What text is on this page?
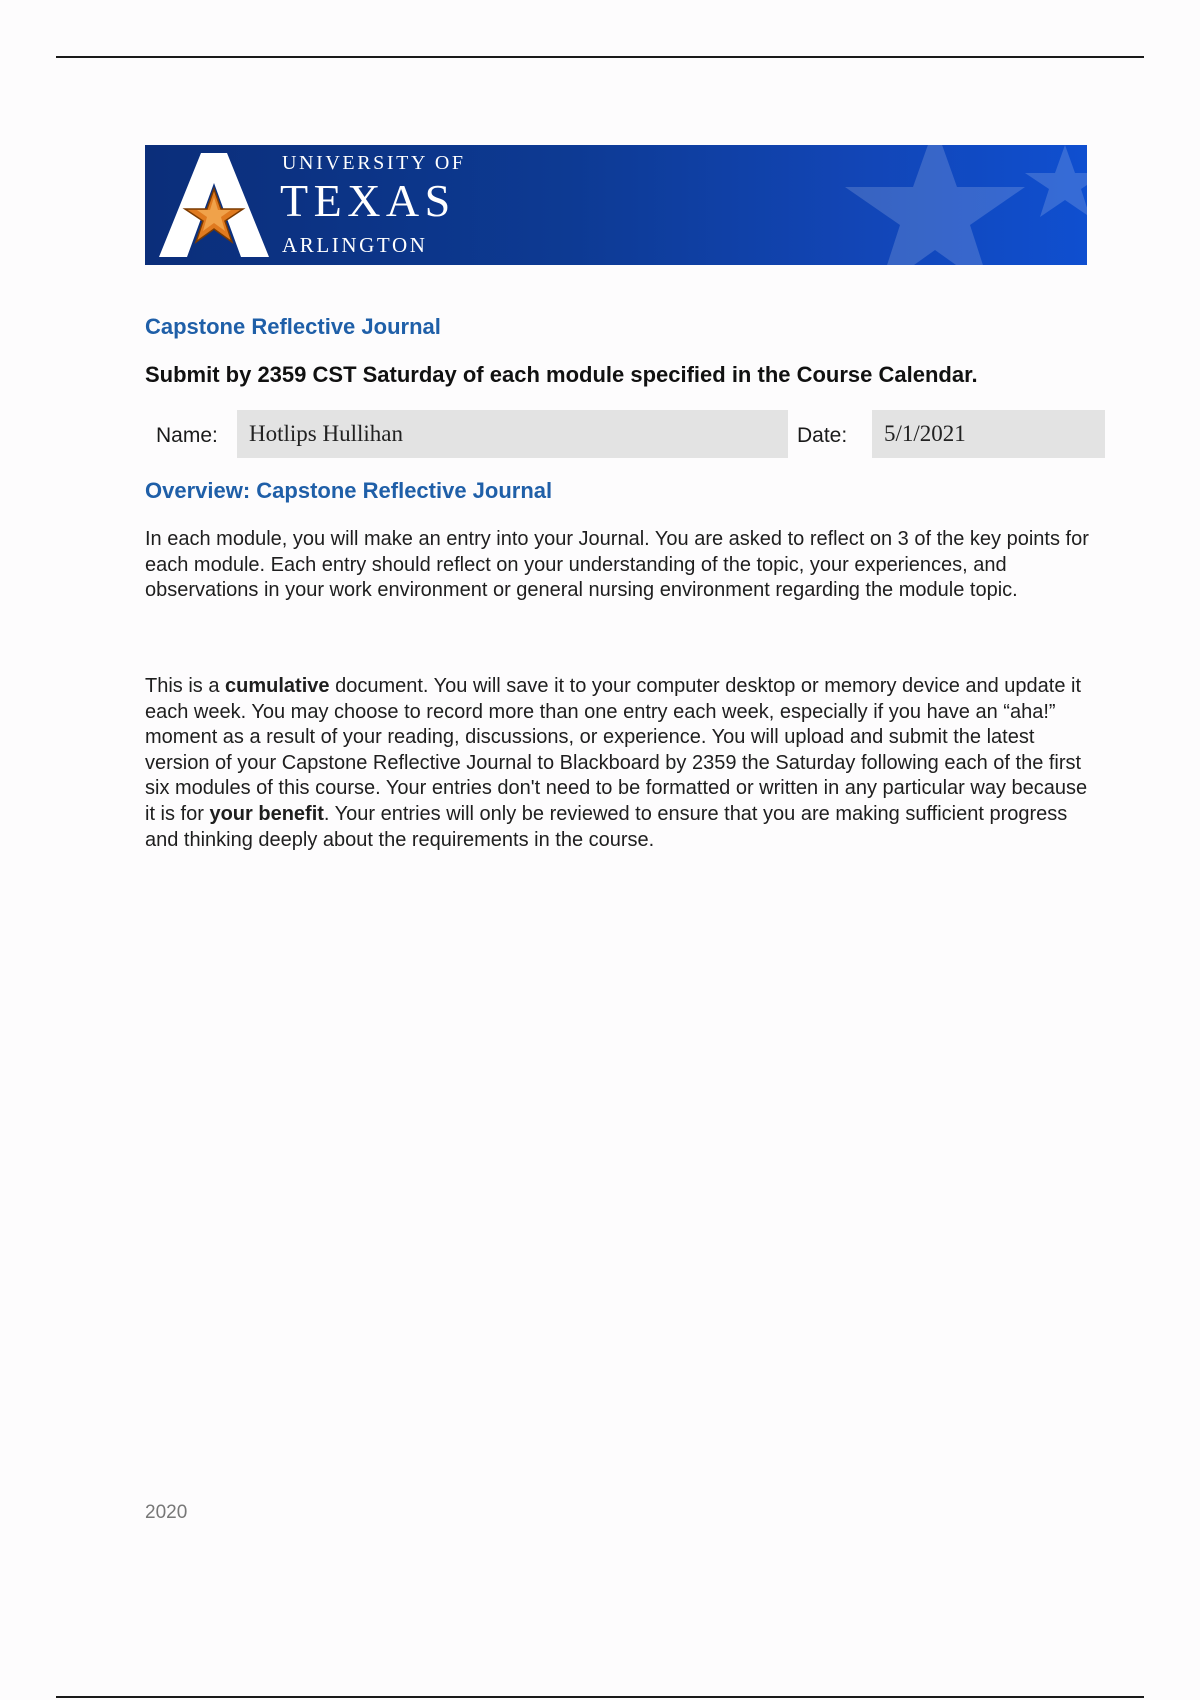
UNIVERSITY OF
TEXAS
ARLINGTON
Capstone Reflective Journal
Submit by 2359 CST Saturday of each module specified in the Course Calendar.
Name:	Hotlips Hullihan	Date:	5/1/2021
Overview: Capstone Reflective Journal
In each module, you will make an entry into your Journal. You are asked to reflect on 3 of the key points for each module. Each entry should reflect on your understanding of the topic, your experiences, and observations in your work environment or general nursing environment regarding the module topic.
This is a cumulative document. You will save it to your computer desktop or memory device and update it each week. You may choose to record more than one entry each week, especially if you have an “aha!” moment as a result of your reading, discussions, or experience. You will upload and submit the latest version of your Capstone Reflective Journal to Blackboard by 2359 the Saturday following each of the first six modules of this course. Your entries don't need to be formatted or written in any particular way because it is for your benefit. Your entries will only be reviewed to ensure that you are making sufficient progress and thinking deeply about the requirements in the course.
2020
